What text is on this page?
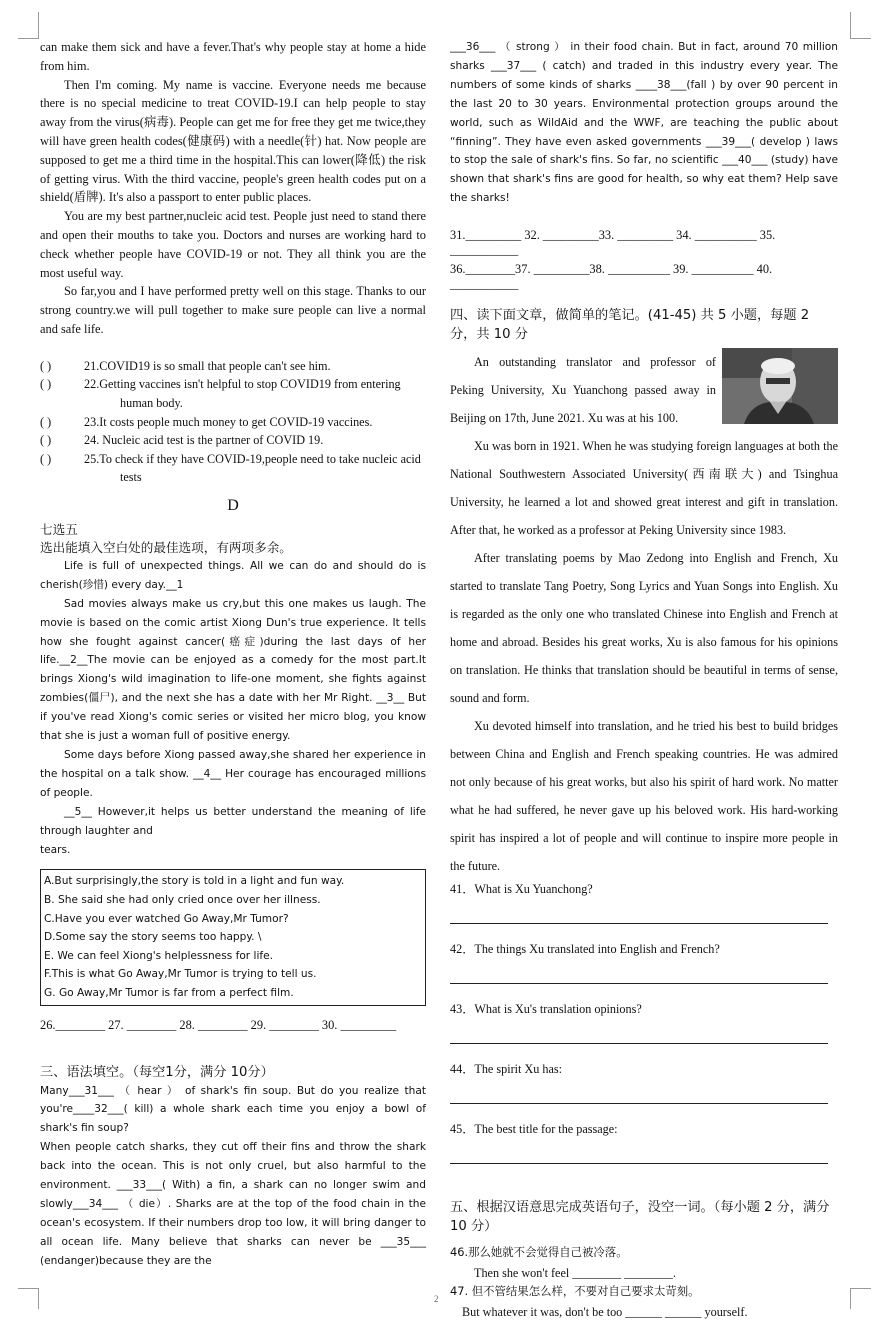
can make them sick and have a fever.That's why people stay at home a hide from him.

Then I'm coming. My name is vaccine. Everyone needs me because there is no special medicine to treat COVID-19.I can help people to stay away from the virus(病毒). People can get me for free they get me twice,they will have green health codes(健康码) with a needle(针) hat. Now people are supposed to get me a third time in the hospital.This can lower(降低) the risk of getting virus. With the third vaccine, people's green health codes put on a shield(盾牌). It's also a passport to enter public places.

You are my best partner,nucleic acid test. People just need to stand there and open their mouths to take you. Doctors and nurses are working hard to check whether people have COVID-19 or not. They all think you are the most useful way.

So far,you and I have performed pretty well on this stage. Thanks to our strong country.we will pull together to make sure people can live a normal and safe life.

( )	21.COVID19 is so small that people can't see him.
( )	22.Getting vaccines isn't helpful to stop COVID19 from entering
human body.
( )	23.It costs people much money to get COVID-19 vaccines.
( )	24. Nucleic acid test is the partner of COVID 19.
( )	25.To check if they have COVID-19,people need to take nucleic acid
tests
D
七选五
选出能填入空白处的最佳选项，有两项多余。

Life is full of unexpected things. All we can do and should do is cherish(珍惜) every day.__1

Sad movies always make us cry,but this one makes us laugh. The movie is based on the comic artist Xiong Dun's true experience. It tells how she fought against cancer(癌症)during the last days of her life.__2__The movie can be enjoyed as a comedy for the most part.It brings Xiong's wild imagination to life-one moment, she fights against zombies(僵尸), and the next she has a date with her Mr Right. __3__ But if you've read Xiong's comic series or visited her micro blog, you know that she is just a woman full of positive energy.

Some days before Xiong passed away,she shared her experience in the hospital on a talk show. __4__ Her courage has encouraged millions of people.

__5__ However,it helps us better understand the meaning of life through laughter and

tears.

A.But surprisingly,the story is told in a light and fun way.
B. She said she had only cried once over her illness.
C.Have you ever watched Go Away,Mr Tumor?
D.Some say the story seems too happy. \
E. We can feel Xiong's helplessness for life.
F.This is what Go Away,Mr Tumor is trying to tell us.
G. Go Away,Mr Tumor is far from a perfect film.
26.________ 27. ________ 28. ________ 29. ________ 30. _________
三、语法填空。（每空1分，满分 10分）

Many___31___ （ hear ） of shark's fin soup. But do you realize that you're____32___( kill) a whole shark each time you enjoy a bowl of shark's fin soup?

When people catch sharks, they cut off their fins and throw the shark back into the ocean. This is not only cruel, but also harmful to the environment. ___33___( With) a fin, a shark can no longer swim and slowly___34___ （ die）. Sharks are at the top of the food chain in the ocean's ecosystem. If their numbers drop too low, it will bring danger to all ocean life. Many believe that sharks can never be ___35___ (endanger)because they are the

___36___ （ strong ） in their food chain. But in fact, around 70 million sharks ___37___ ( catch) and traded in this industry every year. The numbers of some kinds of sharks ____38___(fall ) by over 90 percent in the last 20 to 30 years. Environmental protection groups around the world, such as WildAid and the WWF, are teaching the public about “finning”. They have even asked governments ___39___( develop ) laws to stop the sale of shark's fins. So far, no scientific ___40___ (study) have shown that shark's fins are good for health, so why eat them? Help save the sharks!

31._________ 32. _________33. _________ 34. __________ 35. ___________
36.________37. _________38. __________ 39. __________ 40. ___________
四、读下面文章，做简单的笔记。(41-45) 共 5 小题，每题 2 分，共 10 分

An outstanding translator and professor of Peking University, Xu Yuanchong passed away in Beijing on 17th, June 2021. Xu was at his 100.

Xu was born in 1921. When he was studying foreign languages at both the National Southwestern Associated University(西南联大) and Tsinghua University, he learned a lot and showed great interest and gift in translation. After that, he worked as a professor at Peking University since 1983.

After translating poems by Mao Zedong into English and French, Xu started to translate Tang Poetry, Song Lyrics and Yuan Songs into English. Xu is regarded as the only one who translated Chinese into English and French at home and abroad. Besides his great works, Xu is also famous for his opinions on translation. He thinks that translation should be beautiful in terms of sense, sound and form.

Xu devoted himself into translation, and he tried his best to build bridges between China and English and French speaking countries. He was admired not only because of his great works, but also his spirit of hard work. No matter what he had suffered, he never gave up his beloved work. His hard-working spirit has inspired a lot of people and will continue to inspire more people in the future.

41．What is Xu Yuanchong?

42．The things Xu translated into English and French?

43．What is Xu's translation opinions?

44．The spirit Xu has:

45．The best title for the passage:

五、根据汉语意思完成英语句子，没空一词。（每小题 2 分，满分 10 分）

46.那么她就不会觉得自己被冷落。

Then she won't feel ________ ________.

47. 但不管结果怎么样，不要对自己要求太苛刻。

But whatever it was, don't be too ______ ______ yourself.

2
